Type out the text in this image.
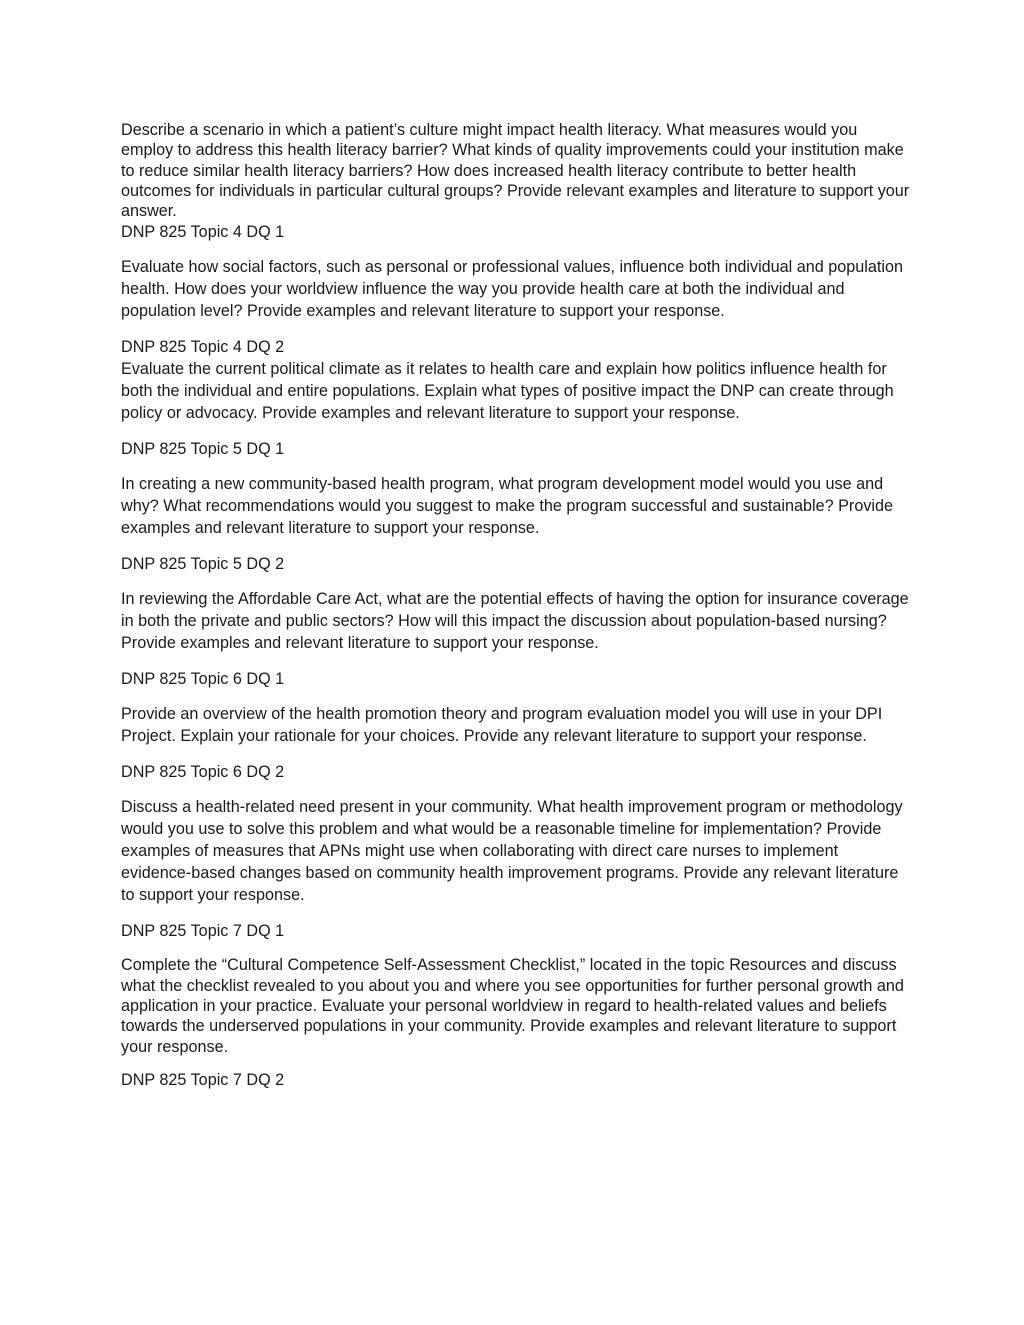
Describe a scenario in which a patient’s culture might impact health literacy. What measures would you employ to address this health literacy barrier? What kinds of quality improvements could your institution make to reduce similar health literacy barriers? How does increased health literacy contribute to better health outcomes for individuals in particular cultural groups? Provide relevant examples and literature to support your answer.

DNP 825 Topic 4 DQ 1

Evaluate how social factors, such as personal or professional values, influence both individual and population health. How does your worldview influence the way you provide health care at both the individual and population level? Provide examples and relevant literature to support your response.

DNP 825 Topic 4 DQ 2

Evaluate the current political climate as it relates to health care and explain how politics influence health for both the individual and entire populations. Explain what types of positive impact the DNP can create through policy or advocacy. Provide examples and relevant literature to support your response.

DNP 825 Topic 5 DQ 1

In creating a new community-based health program, what program development model would you use and why? What recommendations would you suggest to make the program successful and sustainable? Provide examples and relevant literature to support your response.

DNP 825 Topic 5 DQ 2

In reviewing the Affordable Care Act, what are the potential effects of having the option for insurance coverage in both the private and public sectors? How will this impact the discussion about population-based nursing? Provide examples and relevant literature to support your response.

DNP 825 Topic 6 DQ 1

Provide an overview of the health promotion theory and program evaluation model you will use in your DPI Project. Explain your rationale for your choices. Provide any relevant literature to support your response.

DNP 825 Topic 6 DQ 2

Discuss a health-related need present in your community. What health improvement program or methodology would you use to solve this problem and what would be a reasonable timeline for implementation? Provide examples of measures that APNs might use when collaborating with direct care nurses to implement evidence-based changes based on community health improvement programs. Provide any relevant literature to support your response.

DNP 825 Topic 7 DQ 1

Complete the “Cultural Competence Self-Assessment Checklist,” located in the topic Resources and discuss what the checklist revealed to you about you and where you see opportunities for further personal growth and application in your practice. Evaluate your personal worldview in regard to health-related values and beliefs towards the underserved populations in your community. Provide examples and relevant literature to support your response.

DNP 825 Topic 7 DQ 2
